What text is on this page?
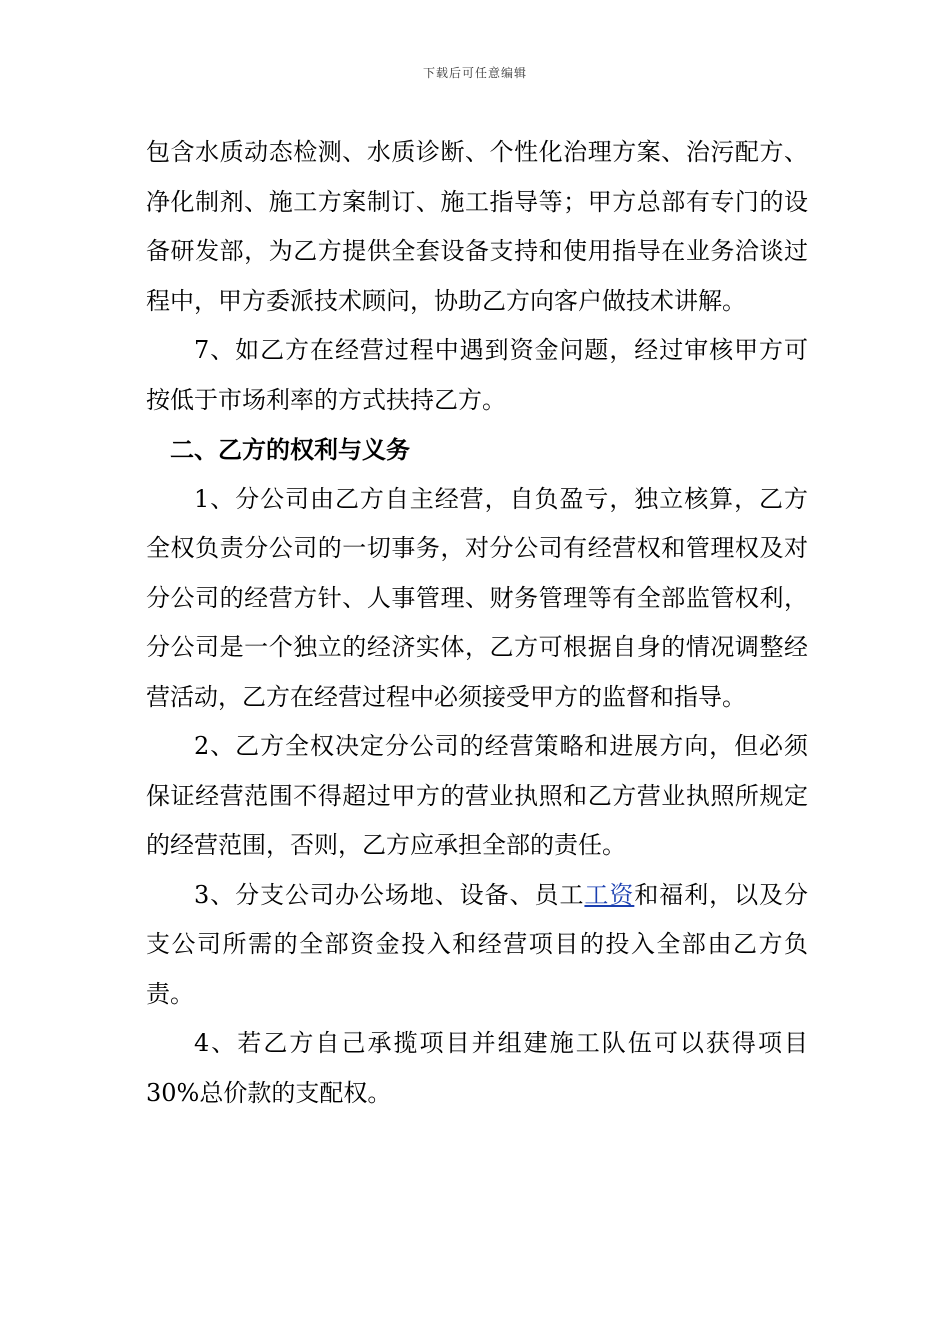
下载后可任意编辑

包含水质动态检测、水质诊断、个性化治理方案、治污配方、净化制剂、施工方案制订、施工指导等；甲方总部有专门的设备研发部，为乙方提供全套设备支持和使用指导在业务洽谈过程中，甲方委派技术顾问，协助乙方向客户做技术讲解。

7、如乙方在经营过程中遇到资金问题，经过审核甲方可按低于市场利率的方式扶持乙方。

二、乙方的权利与义务

1、分公司由乙方自主经营，自负盈亏，独立核算，乙方全权负责分公司的一切事务，对分公司有经营权和管理权及对分公司的经营方针、人事管理、财务管理等有全部监管权利，分公司是一个独立的经济实体，乙方可根据自身的情况调整经营活动，乙方在经营过程中必须接受甲方的监督和指导。

2、乙方全权决定分公司的经营策略和进展方向，但必须保证经营范围不得超过甲方的营业执照和乙方营业执照所规定的经营范围，否则，乙方应承担全部的责任。

3、分支公司办公场地、设备、员工工资和福利，以及分支公司所需的全部资金投入和经营项目的投入全部由乙方负责。

4、若乙方自己承揽项目并组建施工队伍可以获得项目30%总价款的支配权。
